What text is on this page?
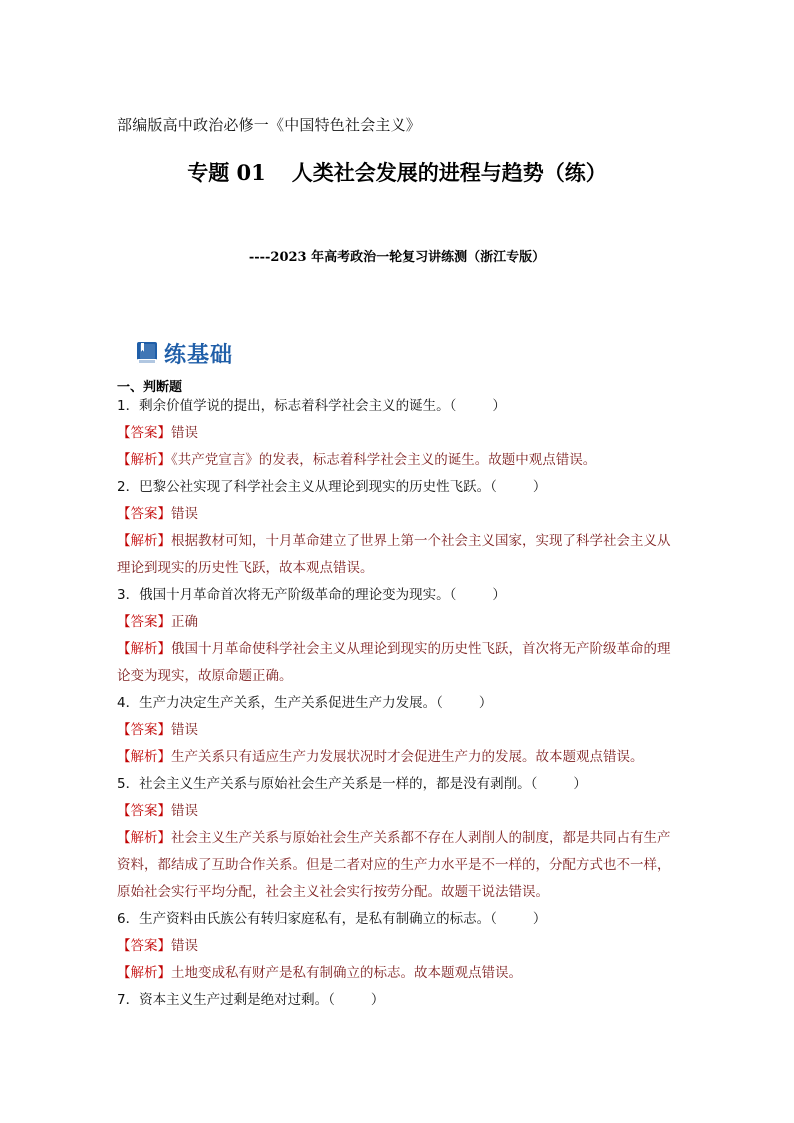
部编版高中政治必修一《中国特色社会主义》
专题 01 人类社会发展的进程与趋势（练）
----2023 年高考政治一轮复习讲练测（浙江专版）
练基础
一、判断题
1．剩余价值学说的提出，标志着科学社会主义的诞生。（	）
【答案】错误
【解析】《共产党宣言》的发表，标志着科学社会主义的诞生。故题中观点错误。
2．巴黎公社实现了科学社会主义从理论到现实的历史性飞跃。（	）
【答案】错误
【解析】根据教材可知，十月革命建立了世界上第一个社会主义国家，实现了科学社会主义从理论到现实的历史性飞跃，故本观点错误。
3．俄国十月革命首次将无产阶级革命的理论变为现实。（	）
【答案】正确
【解析】俄国十月革命使科学社会主义从理论到现实的历史性飞跃，首次将无产阶级革命的理论变为现实，故原命题正确。
4．生产力决定生产关系，生产关系促进生产力发展。（	）
【答案】错误
【解析】生产关系只有适应生产力发展状况时才会促进生产力的发展。故本题观点错误。
5．社会主义生产关系与原始社会生产关系是一样的，都是没有剥削。（	）
【答案】错误
【解析】社会主义生产关系与原始社会生产关系都不存在人剥削人的制度，都是共同占有生产资料，都结成了互助合作关系。但是二者对应的生产力水平是不一样的，分配方式也不一样，原始社会实行平均分配，社会主义社会实行按劳分配。故题干说法错误。
6．生产资料由氏族公有转归家庭私有，是私有制确立的标志。（	）
【答案】错误
【解析】土地变成私有财产是私有制确立的标志。故本题观点错误。
7．资本主义生产过剩是绝对过剩。（	）
